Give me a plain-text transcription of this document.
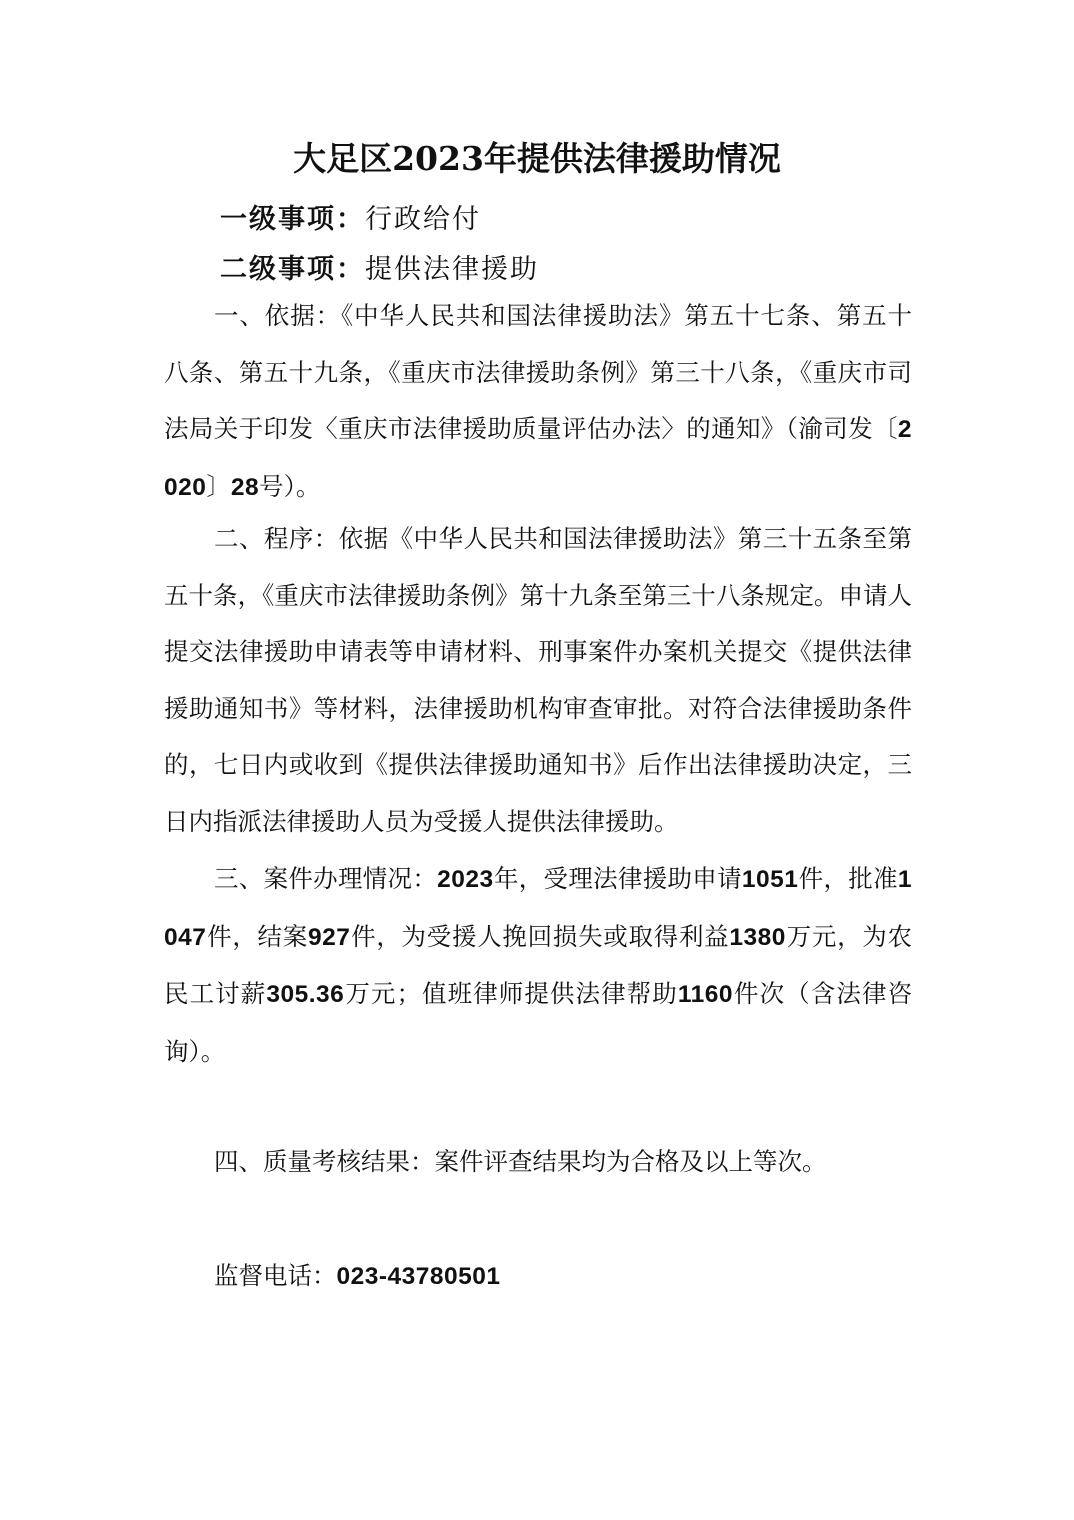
大足区2023年提供法律援助情况
一级事项：行政给付
二级事项：提供法律援助

一、依据：《中华人民共和国法律援助法》第五十七条、第五十八条、第五十九条，《重庆市法律援助条例》第三十八条，《重庆市司法局关于印发〈重庆市法律援助质量评估办法〉的通知》（渝司发〔2020〕28号）。

二、程序：依据《中华人民共和国法律援助法》第三十五条至第五十条，《重庆市法律援助条例》第十九条至第三十八条规定。申请人提交法律援助申请表等申请材料、刑事案件办案机关提交《提供法律援助通知书》等材料，法律援助机构审查审批。对符合法律援助条件的，七日内或收到《提供法律援助通知书》后作出法律援助决定，三日内指派法律援助人员为受援人提供法律援助。

三、案件办理情况：2023年，受理法律援助申请1051件，批准1047件，结案927件，为受援人挽回损失或取得利益1380万元，为农民工讨薪305.36万元；值班律师提供法律帮助1160件次（含法律咨询）。

四、质量考核结果：案件评查结果均为合格及以上等次。
监督电话：023-43780501
